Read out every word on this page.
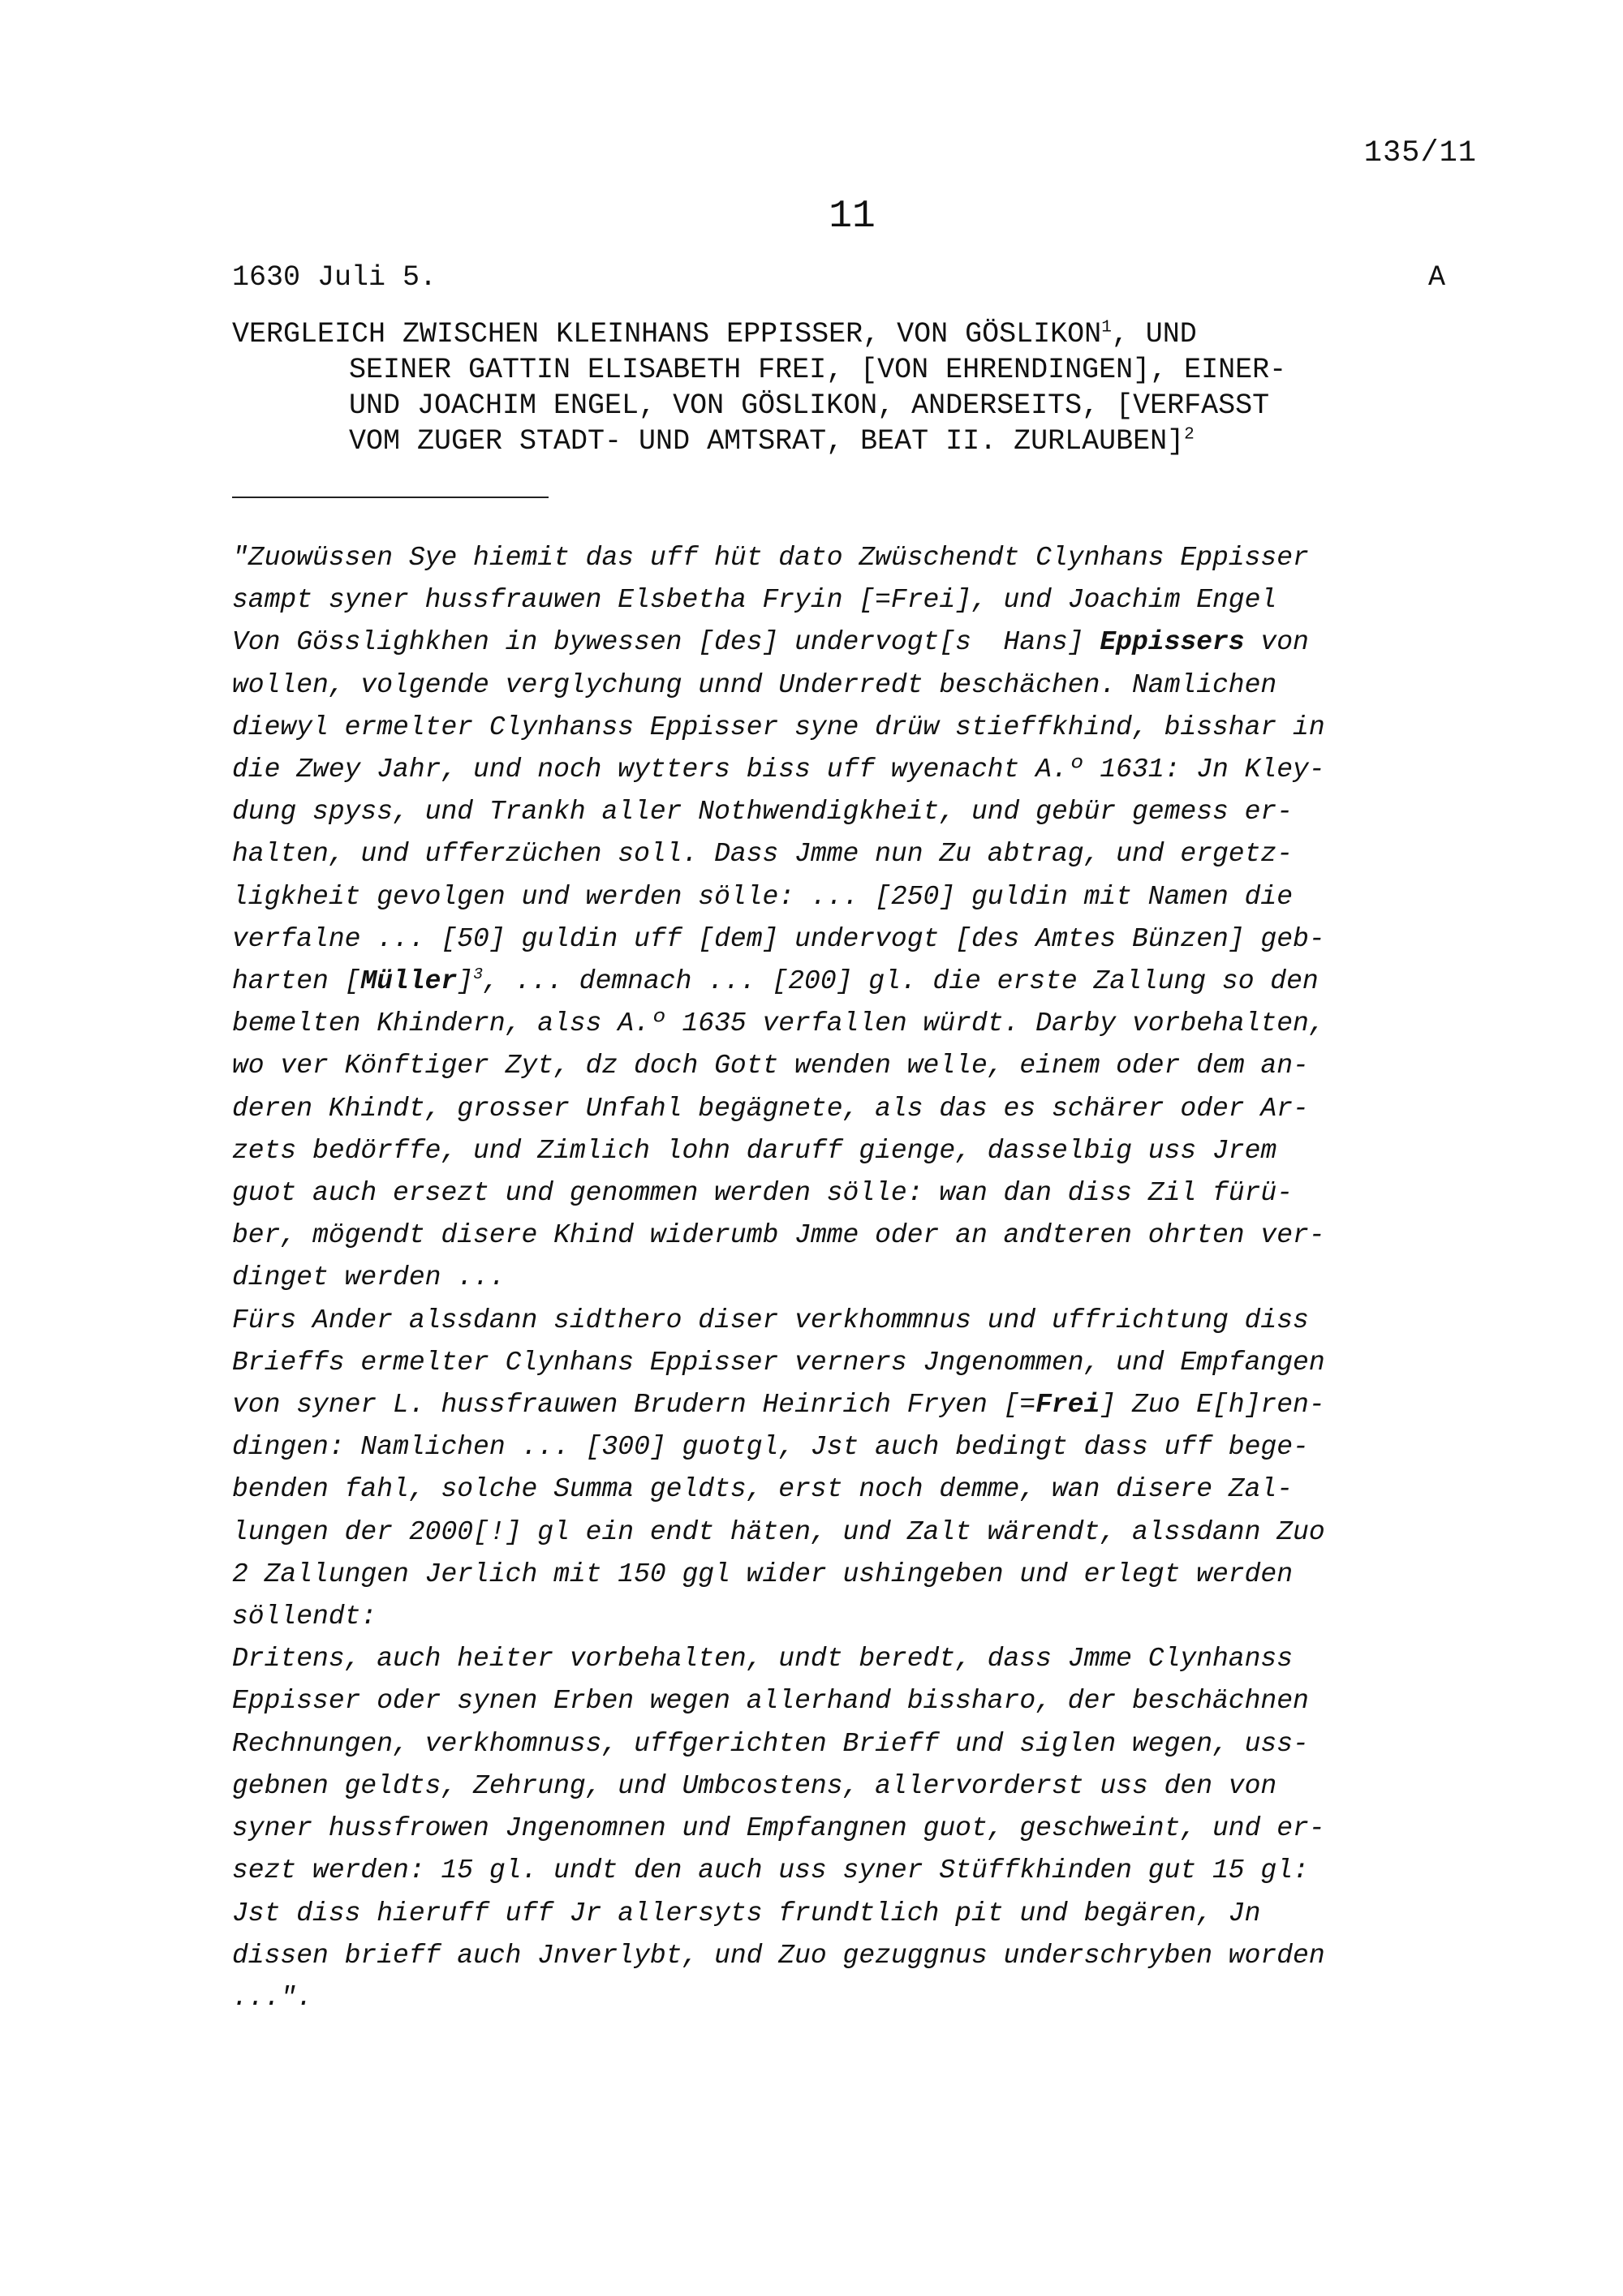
135/11
11
1630 Juli 5.	A
VERGLEICH ZWISCHEN KLEINHANS EPPISSER, VON GÖSLIKON$^1$, UND
SEINER GATTIN ELISABETH FREI, [VON EHRENDINGEN], EINER-
UND JOACHIM ENGEL, VON GÖSLIKON, ANDERSEITS, [VERFASST
VOM ZUGER STADT- UND AMTSRAT, BEAT II. ZURLAUBEN]$^2$
"Zuowüssen Sye hiemit das uff hüt dato Zwüschendt Clynhans Eppisser
sampt syner hussfrauwen Elsbetha Fryin [=Frei], und Joachim Engel
Von Gösslighkhen in bywessen [des] undervogt[s  Hans] Eppissers von
wollen, volgende verglychung unnd Underredt beschächen. Namlichen
diewyl ermelter Clynhanss Eppisser syne drüw stieffkhind, bisshar in
die Zwey Jahr, und noch wytters biss uff wyenacht A.º 1631: Jn Kley-
dung spyss, und Trankh aller Nothwendigkheit, und gebür gemess er-
halten, und ufferzüchen soll. Dass Jmme nun Zu abtrag, und ergetz-
ligkheit gevolgen und werden sölle: ... [250] guldin mit Namen die
verfalne ... [50] guldin uff [dem] undervogt [des Amtes Bünzen] geb-
harten [Müller]$^3$, ... demnach ... [200] gl. die erste Zallung so den
bemelten Khindern, alss A.º 1635 verfallen würdt. Darby vorbehalten,
wo ver Könftiger Zyt, dz doch Gott wenden welle, einem oder dem an-
deren Khindt, grosser Unfahl begägnete, als das es schärer oder Ar-
zets bedörffe, und Zimlich lohn daruff gienge, dasselbig uss Jrem
guot auch ersezt und genommen werden sölle: wan dan diss Zil fürü-
ber, mögendt disere Khind widerumb Jmme oder an andteren ohrten ver-
dinget werden ...
Fürs Ander alssdann sidthero diser verkhommnus und uffrichtung diss
Brieffs ermelter Clynhans Eppisser verners Jngenommen, und Empfangen
von syner L. hussfrauwen Brudern Heinrich Fryen [=Frei] Zuo E[h]ren-
dingen: Namlichen ... [300] guotgl, Jst auch bedingt dass uff bege-
benden fahl, solche Summa geldts, erst noch demme, wan disere Zal-
lungen der 2000[!] gl ein endt häten, und Zalt wärendt, alssdann Zuo
2 Zallungen Jerlich mit 150 ggl wider ushingeben und erlegt werden
söllendt:
Dritens, auch heiter vorbehalten, undt beredt, dass Jmme Clynhanss
Eppisser oder synen Erben wegen allerhand bissharo, der beschächnen
Rechnungen, verkhomnuss, uffgerichten Brieff und siglen wegen, uss-
gebnen geldts, Zehrung, und Umbcostens, allervorderst uss den von
syner hussfrowen Jngenomnen und Empfangnen guot, geschweint, und er-
sezt werden: 15 gl. undt den auch uss syner Stüffkhinden gut 15 gl:
Jst diss hieruff uff Jr allersyts frundtlich pit und begären, Jn
dissen brieff auch Jnverlybt, und Zuo gezuggnus underschryben worden
...".
